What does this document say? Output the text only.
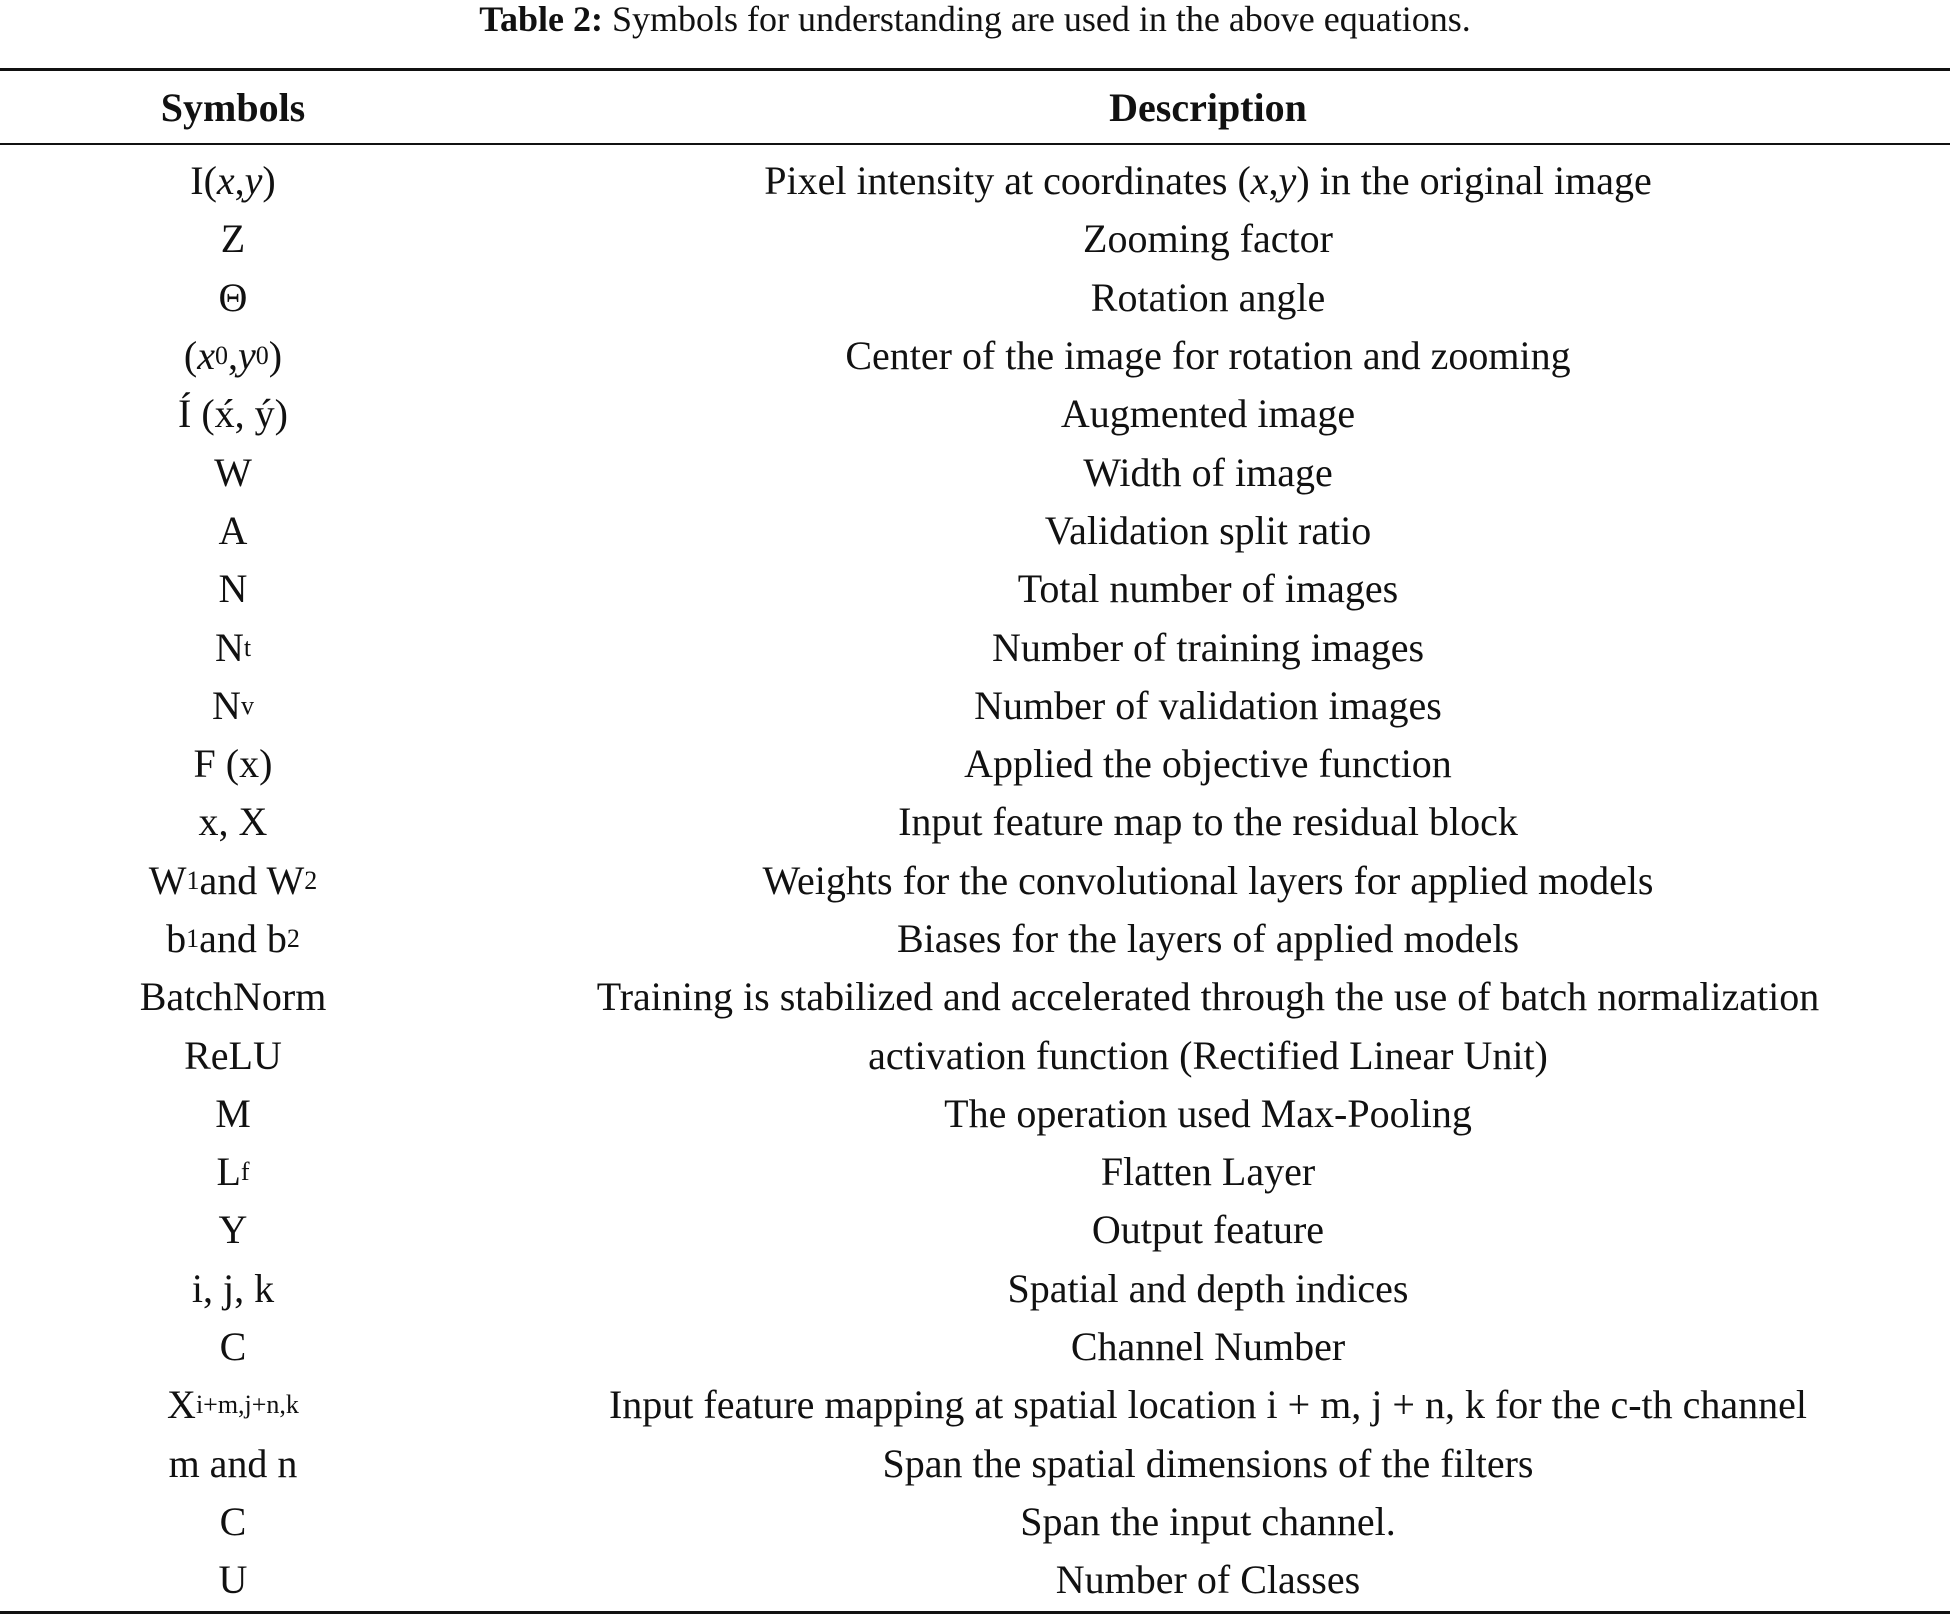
Table 2: Symbols for understanding are used in the above equations.
Symbols	Description
I( x , y )	Pixel intensity at coordinates ( x , y ) in the original image
Z	Zooming factor
Θ	Rotation angle
( x 0 , y 0 )	Center of the image for rotation and zooming
Í (x́, ý)	Augmented image
W	Width of image
A	Validation split ratio
N	Total number of images
N t	Number of training images
N v	Number of validation images
F (x)	Applied the objective function
x, X	Input feature map to the residual block
W 1 and W 2	Weights for the convolutional layers for applied models
b 1 and b 2	Biases for the layers of applied models
BatchNorm	Training is stabilized and accelerated through the use of batch normalization
ReLU	activation function (Rectified Linear Unit)
M	The operation used Max-Pooling
L f	Flatten Layer
Y	Output feature
i, j, k	Spatial and depth indices
C	Channel Number
X i+m,j+n,k	Input feature mapping at spatial location i + m, j + n, k for the c-th channel
m and n	Span the spatial dimensions of the filters
C	Span the input channel.
U	Number of Classes
